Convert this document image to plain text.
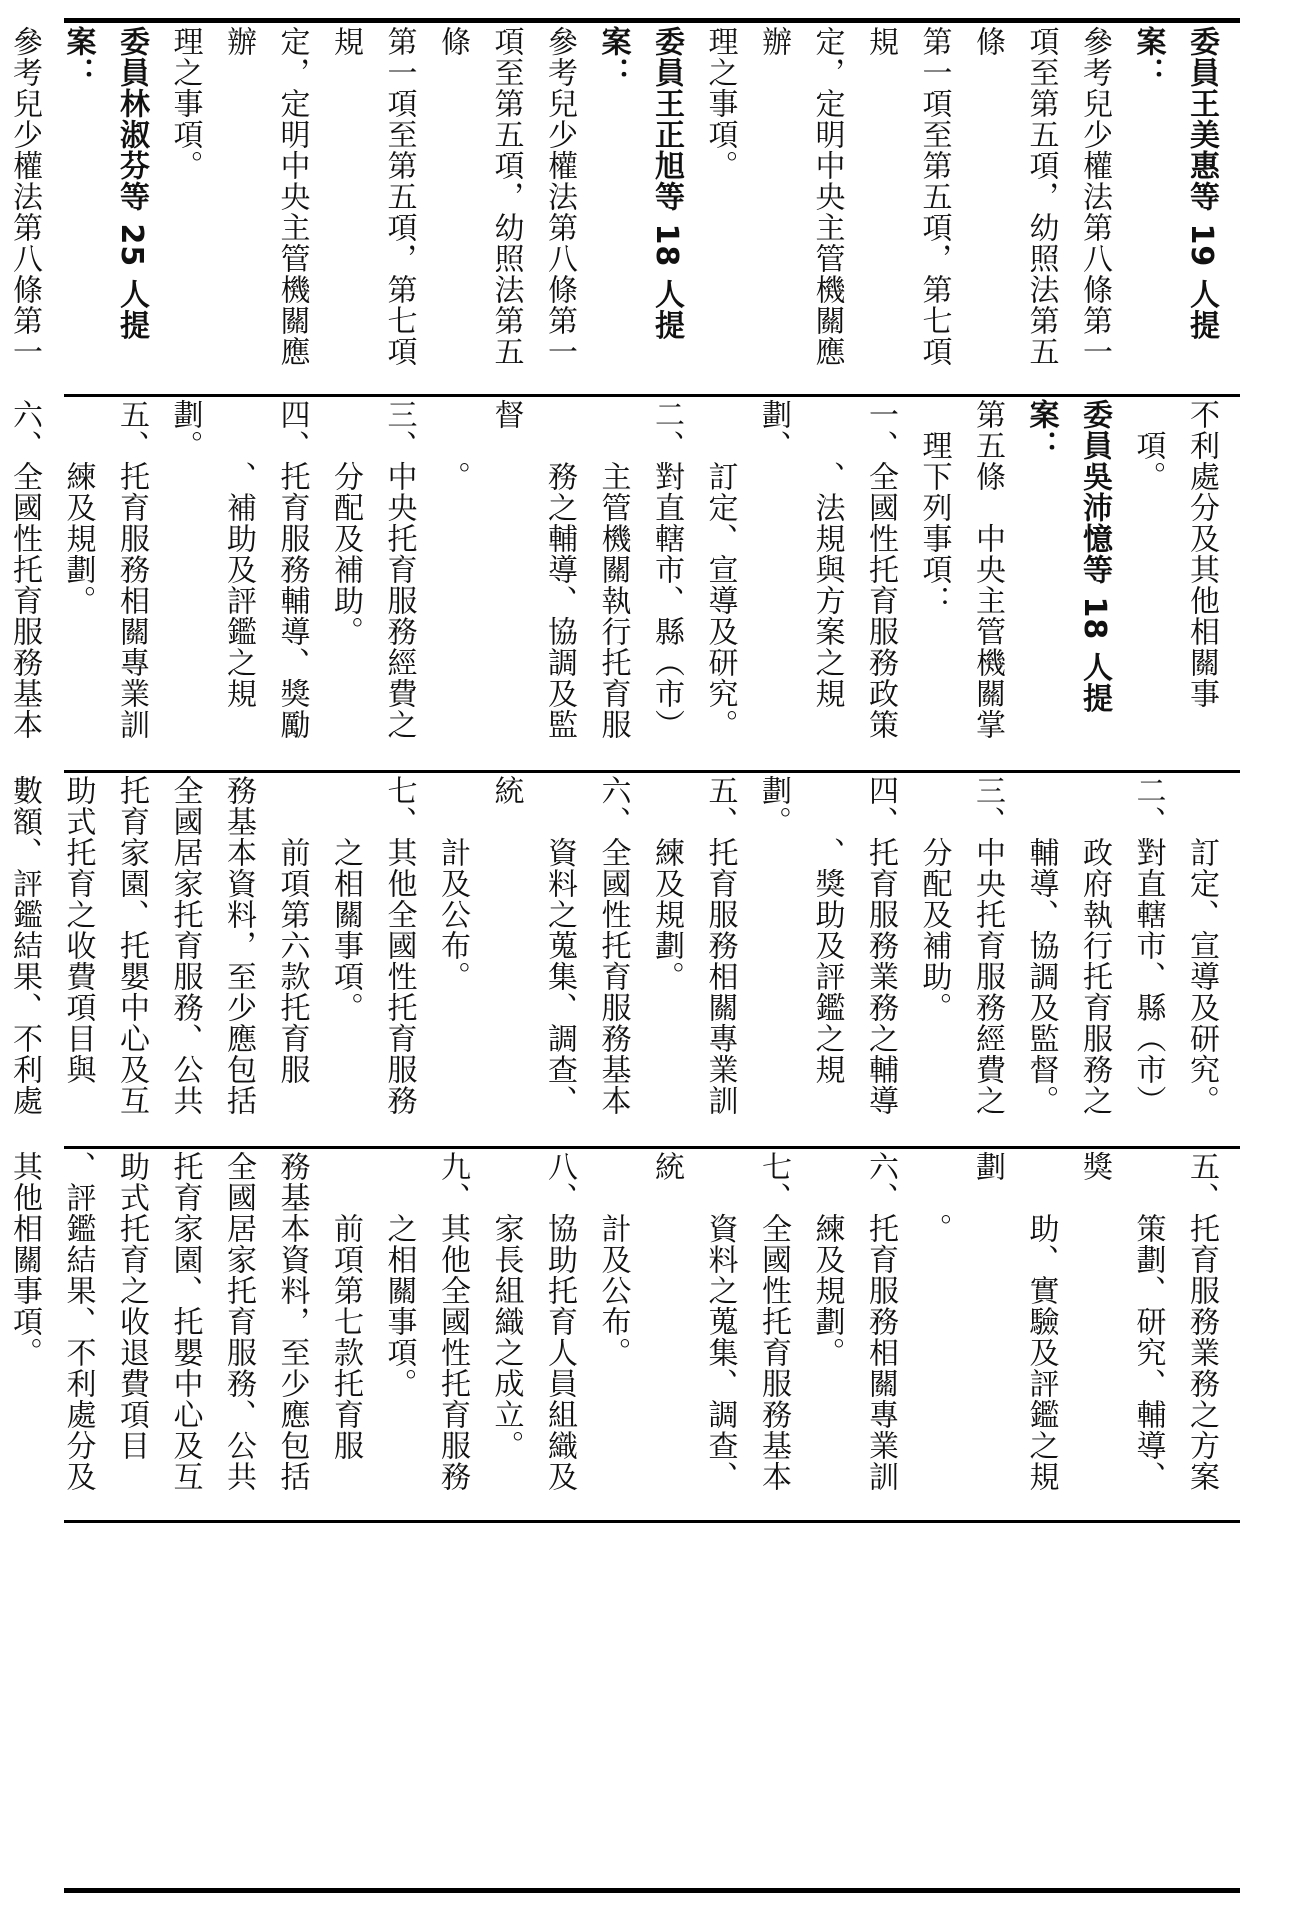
委員王美惠等 19 人提案：

參考兒少權法第八條第一

項至第五項，幼照法第五條

第一項至第五項，第七項規

定，定明中央主管機關應辦

理之事項。

委員王正旭等 18 人提案：

參考兒少權法第八條第一

項至第五項，幼照法第五條

第一項至第五項，第七項規

定，定明中央主管機關應辦

理之事項。

委員林淑芬等 25 人提案：

參考兒少權法第八條第一

不利處分及其他相關事

　項。

委員吳沛憶等 18 人提案：

第五條　中央主管機關掌

　理下列事項：

一、全國性托育服務政策

　　、法規與方案之規劃、

　　訂定、宣導及研究。

二、對直轄市、縣（市）

　　主管機關執行托育服

　　務之輔導、協調及監督

　　。

三、中央托育服務經費之

　　分配及補助。

四、托育服務輔導、獎勵

　　、補助及評鑑之規劃。

五、托育服務相關專業訓

　　練及規劃。

六、全國性托育服務基本

　　訂定、宣導及研究。

二、對直轄市、縣（市）

　　政府執行托育服務之

　　輔導、協調及監督。

三、中央托育服務經費之

　　分配及補助。

四、托育服務業務之輔導

　　、獎助及評鑑之規劃。

五、托育服務相關專業訓

　　練及規劃。

六、全國性托育服務基本

　　資料之蒐集、調查、統

　　計及公布。

七、其他全國性托育服務

　　之相關事項。

　　前項第六款托育服

務基本資料，至少應包括

全國居家托育服務、公共

托育家園、托嬰中心及互

助式托育之收費項目與

數額、評鑑結果、不利處

五、托育服務業務之方案

　　策劃、研究、輔導、獎

　　助、實驗及評鑑之規劃

　　。

六、托育服務相關專業訓

　　練及規劃。

七、全國性托育服務基本

　　資料之蒐集、調查、統

　　計及公布。

八、協助托育人員組織及

　　家長組織之成立。

九、其他全國性托育服務

　　之相關事項。

　　前項第七款托育服

務基本資料，至少應包括

全國居家托育服務、公共

托育家園、托嬰中心及互

助式托育之收退費項目

、評鑑結果、不利處分及

其他相關事項。
